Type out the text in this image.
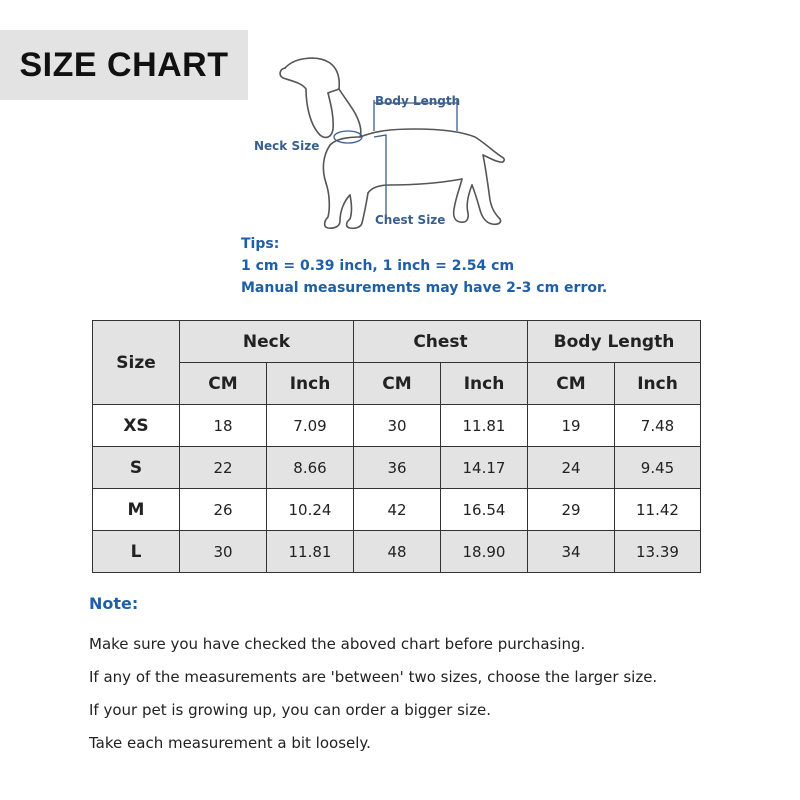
SIZE CHART
Body Length
Neck Size
Chest Size
Tips:
1 cm = 0.39 inch, 1 inch = 2.54 cm
Manual measurements may have 2-3 cm error.
Size	Neck		Chest		Body Length	
	CM	Inch	CM	Inch	CM	Inch
XS	18	7.09	30	11.81	19	7.48
S	22	8.66	36	14.17	24	9.45
M	26	10.24	42	16.54	29	11.42
L	30	11.81	48	18.90	34	13.39
Note:
Make sure you have checked the aboved chart before purchasing.
If any of the measurements are 'between' two sizes, choose the larger size.
If your pet is growing up, you can order a bigger size.
Take each measurement a bit loosely.
